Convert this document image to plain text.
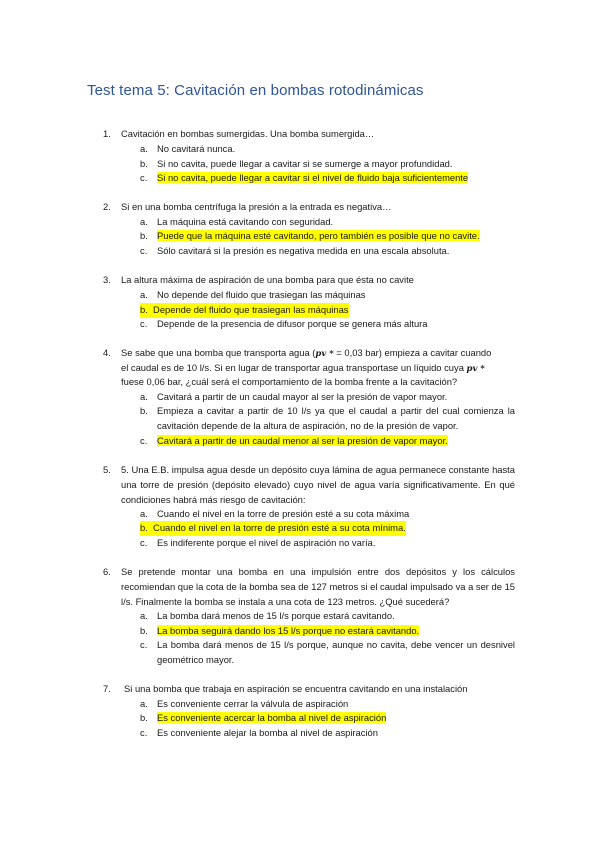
Test tema 5: Cavitación en bombas rotodinámicas
1.	Cavitación en bombas sumergidas. Una bomba sumergida…
a. No cavitará nunca.
b. Si no cavita, puede llegar a cavitar si se sumerge a mayor profundidad.
c.	Si no cavita, puede llegar a cavitar si el nivel de fluido baja suficientemente
2.	Si en una bomba centrífuga la presión a la entrada es negativa…
a. La máquina está cavitando con seguridad.
b. Puede que la máquina esté cavitando, pero también es posible que no cavite.
c.	Sólo cavitará si la presión es negativa medida en una escala absoluta.
3.	La altura máxima de aspiración de una bomba para que ésta no cavite
a. No depende del fluido que trasiegan las máquinas
b. Depende del fluido que trasiegan las máquinas
c.	Depende de la presencia de difusor porque se genera más altura
4.	Se sabe que una bomba que transporta agua (pv * = 0,03 bar) empieza a cavitar cuando
el caudal es de 10 l/s. Si en lugar de transportar agua transportase un líquido cuya pv *
fuese 0,06 bar, ¿cuál será el comportamiento de la bomba frente a la cavitación?
a. Cavitará a partir de un caudal mayor al ser la presión de vapor mayor.
b. Empieza a cavitar a partir de 10 l/s ya que el caudal a partir del cual comienza la cavitación depende de la altura de aspiración, no de la presión de vapor.
c.	Cavitará a partir de un caudal menor al ser la presión de vapor mayor.
5.	5. Una E.B. impulsa agua desde un depósito cuya lámina de agua permanece constante hasta una torre de presión (depósito elevado) cuyo nivel de agua varía significativamente. En qué condiciones habrá más riesgo de cavitación:
a. Cuando el nivel en la torre de presión esté a su cota máxima
b. Cuando el nivel en la torre de presión esté a su cota mínima.
c.	Es indiferente porque el nivel de aspiración no varía.
6.	Se pretende montar una bomba en una impulsión entre dos depósitos y los cálculos recomiendan que la cota de la bomba sea de 127 metros si el caudal impulsado va a ser de 15 l/s. Finalmente la bomba se instala a una cota de 123 metros. ¿Qué sucederá?
a. La bomba dará menos de 15 l/s porque estará cavitando.
b. La bomba seguirá dando los 15 l/s porque no estará cavitando.
c.	La bomba dará menos de 15 l/s porque, aunque no cavita, debe vencer un desnivel geométrico mayor.
7.	Si una bomba que trabaja en aspiración se encuentra cavitando en una instalación
a. Es conveniente cerrar la válvula de aspiración
b. Es conveniente acercar la bomba al nivel de aspiración
c.	Es conveniente alejar la bomba al nivel de aspiración
